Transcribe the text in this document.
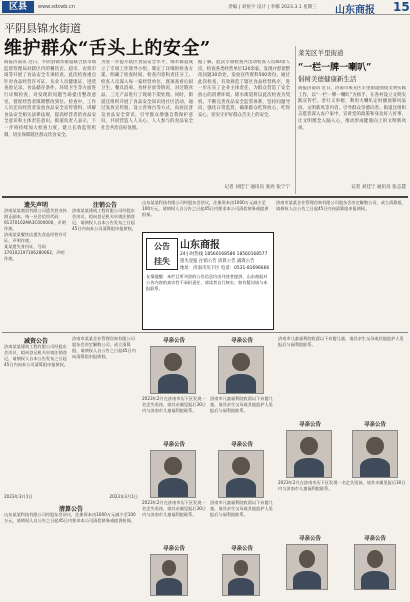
区县	www.sdxwb.cn	责编 | 刘恒宇 设计 | 李娜 2023.3.1 星期三 山东商报 15
平阴县锦水街道
维护群众“舌头上的安全”
商报济南讯 近日，平阴县锦水街道联合县市场监督管理局对辖区内的餐饮店、超市、农贸市场等开展了食品安全专项检查。此次检查重点针对食品经营许可证、从业人员健康证、进货查验记录、食品储存条件、环境卫生等方面进行详细检查，对发现的问题当场提出整改意见，督促经营者限期整改到位。检查中，工作人员还向经营者发放食品安全宣传资料，讲解食品安全相关法律法规，提高经营者的食品安全意识和主体责任意识。街道负责人表示，下一步将持续加大检查力度，建立长效监管机制，切实保障辖区群众饮食安全。
为进一步提升辖区食品安全水平，锦水街道成立了专项工作领导小组，制定了详细的检查方案，明确了检查时间、检查内容和责任分工。检查人员深入每一家经营单位，逐项查看后厨卫生、餐具消毒、食材存放等情况，对过期食品、三无产品进行了现场下架处理。同时，街道还组织开展了食品安全知识进社区活动，通过发放宣传册、设立咨询台等方式，向居民普及食品安全常识，引导群众增强自我保护意识，共同营造人人关心、人人参与的食品安全社会共治良好氛围。
据了解，此次专项检查共出动检查人员40余人次，检查各类经营单位120余家，发现并督促整改问题30余处，发放宣传资料500余份。通过此次检查，有效规范了辖区食品经营秩序，进一步压实了企业主体责任，为群众营造了安全放心的消费环境。锦水街道将以此次检查为契机，不断完善食品安全监管体系，坚持问题导向，强化日常监管，确保群众吃得放心、吃得安心，切实守护好群众舌尖上的安全。
记者 刘佳宁 通讯员 张亮 张宁宁
莱芜区羊里街道
“一栏一牌一喇叭”
倡树美德健康新生活
商报济南讯 近日，济南市莱芜区羊里街道围绕文明实践工作，以“一栏一牌一喇叭”为抓手，在各村设立文明实践宣传栏、善行义举榜，利用大喇叭定时播放移风易俗、文明新风等内容，引导群众崇德向善。街道还组织志愿者深入农户家中，宣讲党的政策和身边好人好事，让文明理念入脑入心，推动形成健康向上的文明新风尚。
记者 刘佳宁 通讯员 张志慧
遗失声明
济南某某商贸有限公司遗失营业执照正副本，统一社会信用代码：91370102MA3C000000，声明作废。
济南某某餐饮店遗失食品经营许可证，声明作废。
某某遗失身份证，号码370102197106280662，声明作废。
济南某某建筑工程有限公司经股东会决议，拟向登记机关申请注销登记，请债权人自本公告发布之日起45日内向本公司清算组申报债权。
注销公告
公告
挂失
山东商报
24小时热线 18560168586 18560168577
遗失登报 注销公告 清算公告 减资公告
地址：济南市历下区 电话：0531-81696666
友情提醒：本栏目所刊登的公告信息均由刊登者提供，山东商报对公告内容的真实性不承担责任，请读者自行核实。如有疑问请与本报联系。
山东某某科技有限公司经股东会决议，注册资本由1000万元减少至100万元，请债权人自公告之日起45日内要求本公司清偿债务或提供担保。
济南市某某企业管理咨询有限公司股东会决定解散公司，成立清算组，请债权人自公告之日起45日内向清算组申报债权。
减资公告
济南某某建筑工程有限公司经股东会决议，拟向登记机关申请注销登记，请债权人自本公告发布之日起45日内向本公司清算组申报债权。
2023年3月1日
济南市某某企业管理咨询有限公司股东会决定解散公司，成立清算组，请债权人自公告之日起45日内向清算组申报债权。
2023年3月1日
清算公告
山东某某科技有限公司经股东会决议，注册资本由1000万元减少至100万元，请债权人自公告之日起45日内要求本公司清偿债务或提供担保。
寻亲公告
2023年2月在济南市历下区发现一名走失男孩，请其亲属见报后30日内与济南市儿童福利院联系。
寻亲公告
济南市儿童福利院收留以下弃婴儿童，请其亲生父母或其他监护人见报后与福利院联系。
寻亲公告
2023年2月在济南市历下区发现一名走失男孩，请其亲属见报后30日内与济南市儿童福利院联系。
寻亲公告
济南市儿童福利院收留以下弃婴儿童，请其亲生父母或其他监护人见报后与福利院联系。
寻亲公告	寻亲公告
济南市儿童福利院收留以下弃婴儿童，请其亲生父母或其他监护人见报后与福利院联系。
寻亲公告	寻亲公告
2023年2月在济南市历下区发现一名走失男孩，请其亲属见报后30日内与济南市儿童福利院联系。
寻亲公告	寻亲公告
